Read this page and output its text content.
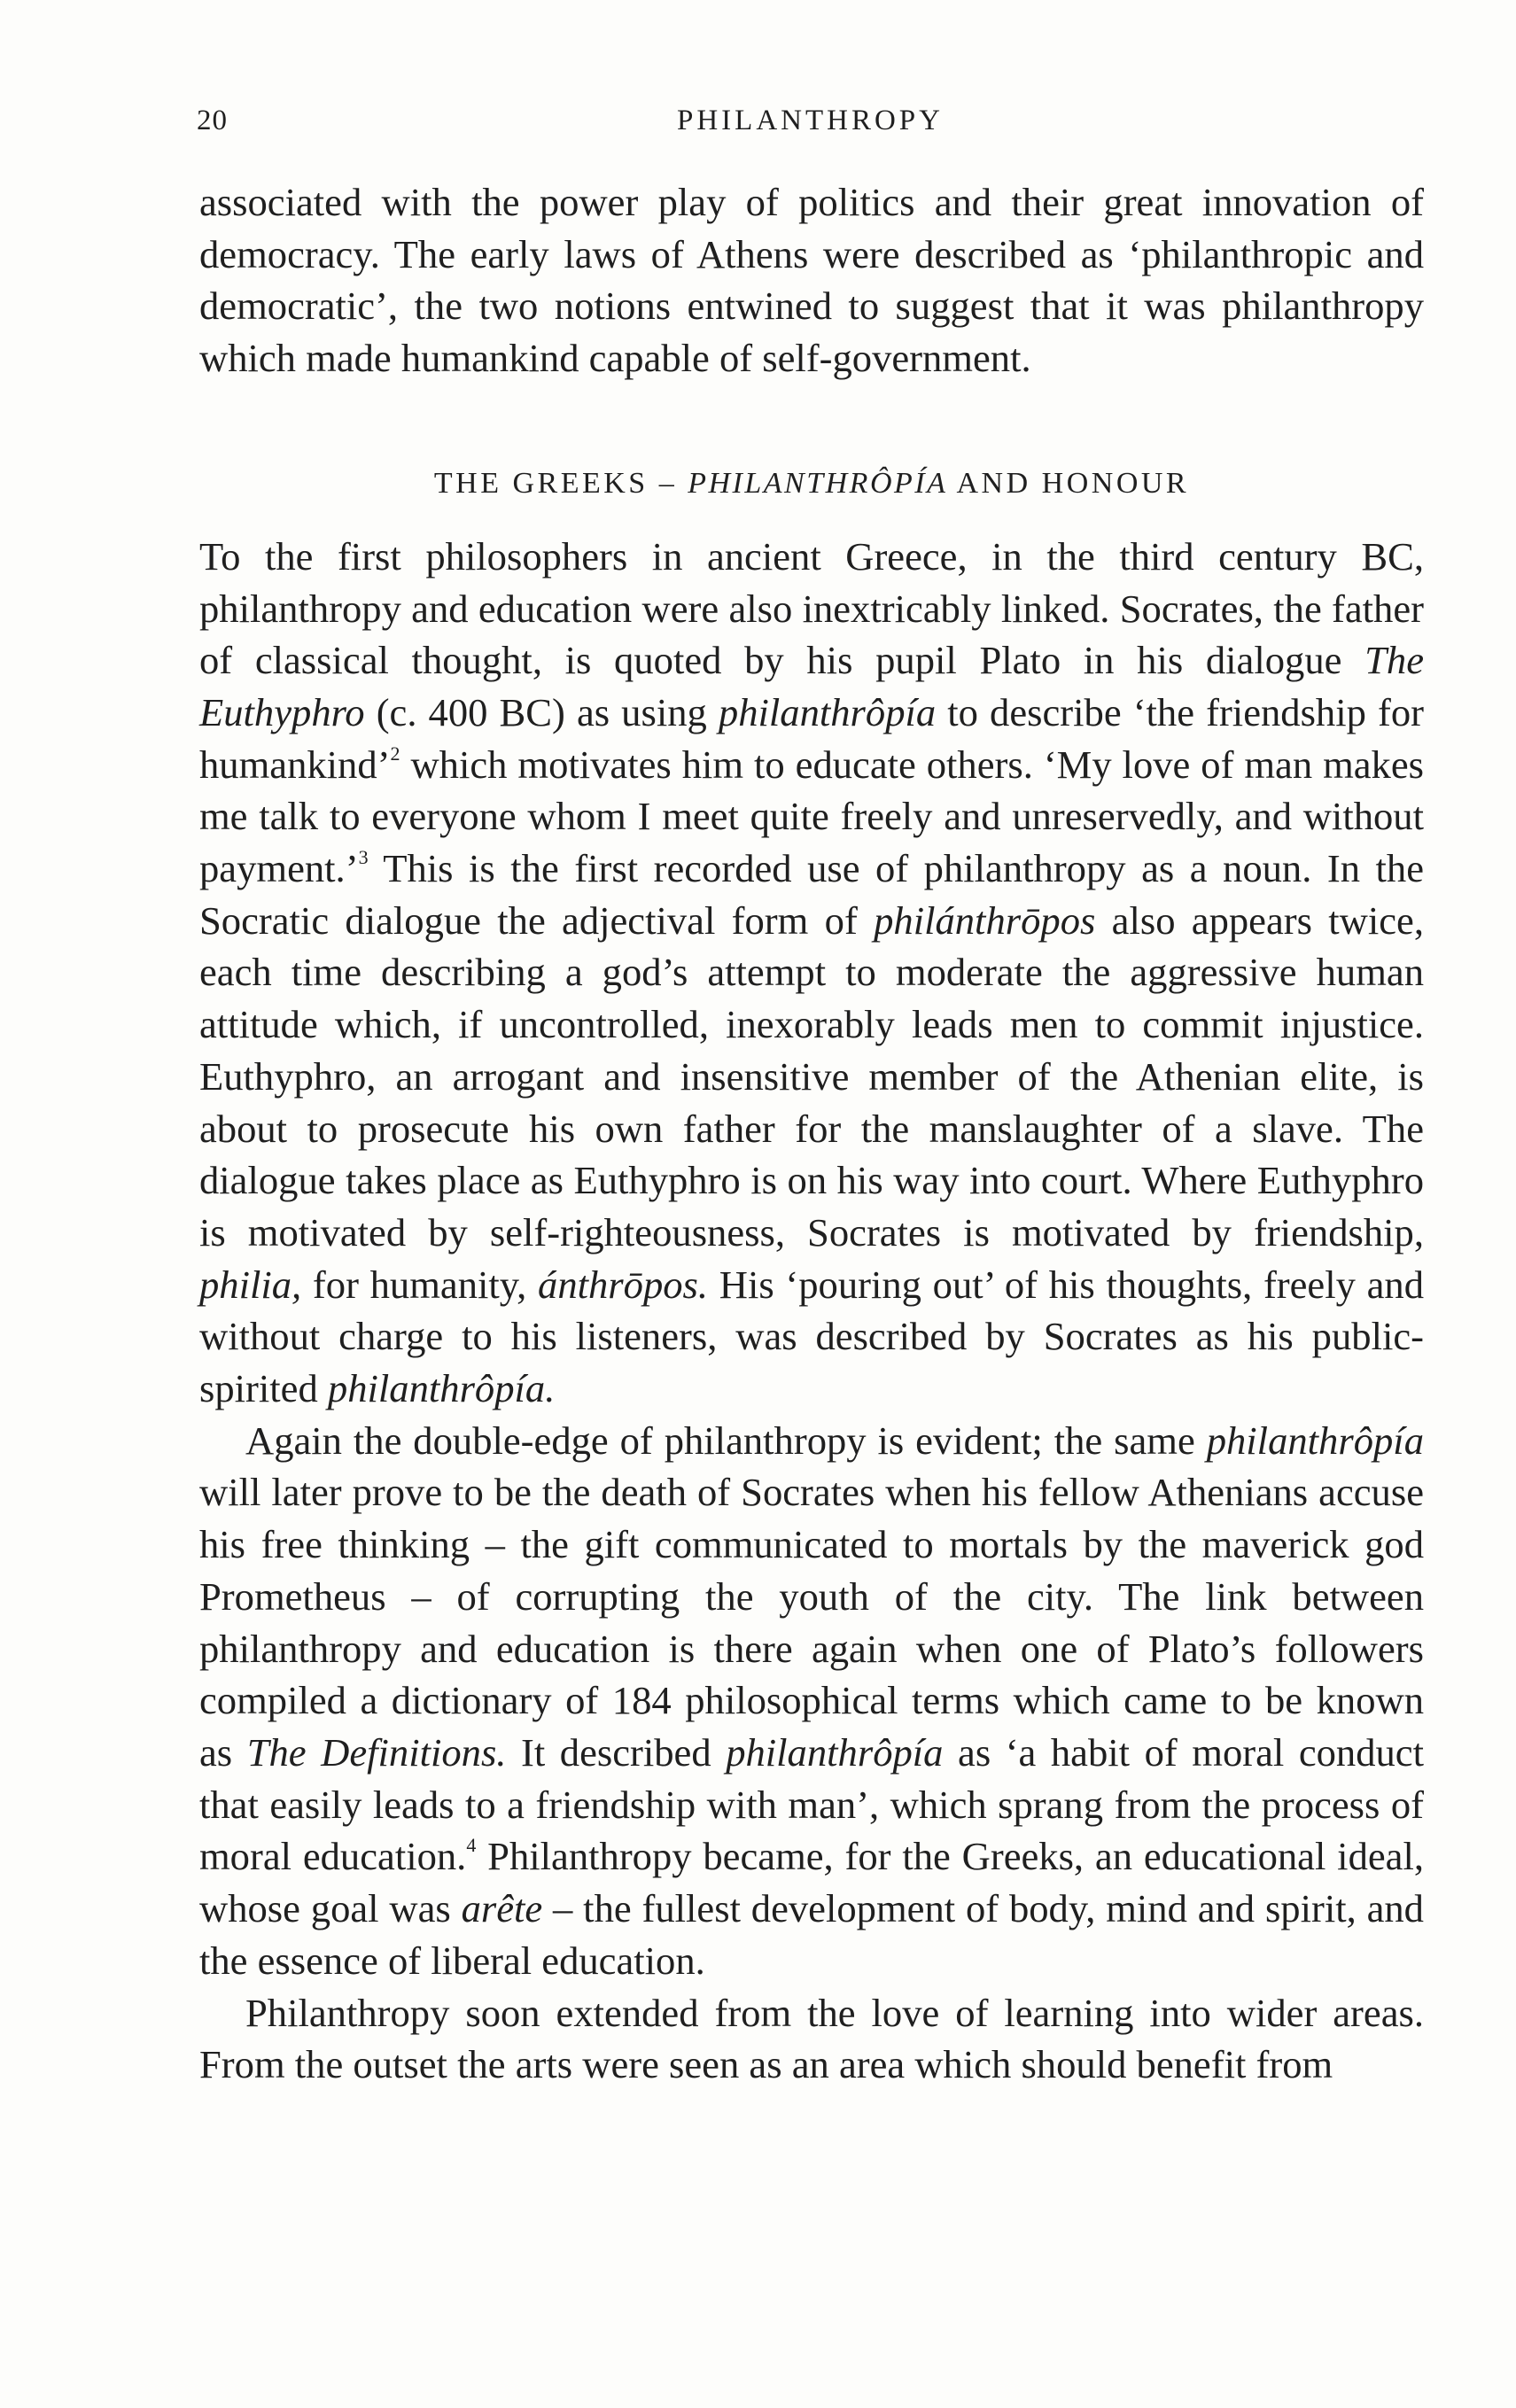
20	PHILANTHROPY

associated with the power play of politics and their great innovation of democracy. The early laws of Athens were described as ‘philanthropic and democratic’, the two notions entwined to suggest that it was philanthropy which made humankind capable of self-government.

THE GREEKS – PHILANTHRÔPÍA AND HONOUR

To the first philosophers in ancient Greece, in the third century BC, philanthropy and education were also inextricably linked. Socrates, the father of classical thought, is quoted by his pupil Plato in his dialogue The Euthyphro (c. 400 BC) as using philanthrôpía to describe ‘the friendship for humankind’$^2$ which motivates him to educate others. ‘My love of man makes me talk to everyone whom I meet quite freely and unreservedly, and without payment.’$^3$ This is the first recorded use of philanthropy as a noun. In the Socratic dialogue the adjectival form of philánthrōpos also appears twice, each time describing a god’s attempt to moderate the aggressive human attitude which, if uncontrolled, inexorably leads men to commit injustice. Euthyphro, an arrogant and insensitive member of the Athenian elite, is about to prosecute his own father for the manslaughter of a slave. The dialogue takes place as Euthyphro is on his way into court. Where Euthyphro is motivated by self-righteousness, Socrates is motivated by friendship, philia, for humanity, ánthrōpos. His ‘pouring out’ of his thoughts, freely and without charge to his listeners, was described by Socrates as his public-spirited philanthrôpía.

Again the double-edge of philanthropy is evident; the same philanthrôpía will later prove to be the death of Socrates when his fellow Athenians accuse his free thinking – the gift communicated to mortals by the maverick god Prometheus – of corrupting the youth of the city. The link between philanthropy and education is there again when one of Plato’s followers compiled a dictionary of 184 philosophical terms which came to be known as The Definitions. It described philanthrôpía as ‘a habit of moral conduct that easily leads to a friendship with man’, which sprang from the process of moral education.$^4$ Philanthropy became, for the Greeks, an educational ideal, whose goal was arête – the fullest development of body, mind and spirit, and the essence of liberal education.

Philanthropy soon extended from the love of learning into wider areas. From the outset the arts were seen as an area which should benefit from
